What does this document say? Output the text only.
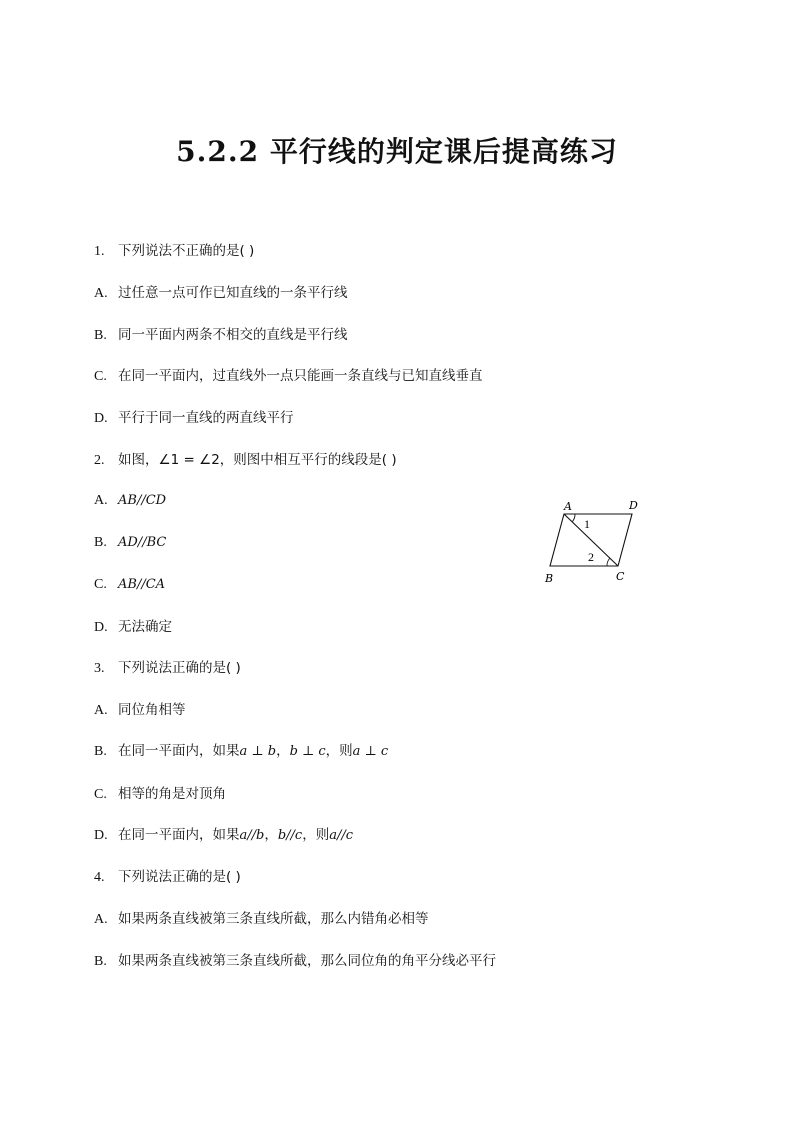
5.2.2 平行线的判定课后提高练习
1. 下列说法不正确的是( )
A. 过任意一点可作已知直线的一条平行线
B. 同一平面内两条不相交的直线是平行线
C. 在同一平面内，过直线外一点只能画一条直线与已知直线垂直
D. 平行于同一直线的两直线平行
2. 如图，∠1 = ∠2，则图中相互平行的线段是( )
A. AB//CD
B. AD//BC
C. AB//CA
D. 无法确定
A	D
B	C
1
2
3. 下列说法正确的是( )
A. 同位角相等
B. 在同一平面内，如果a ⊥ b，b ⊥ c，则a ⊥ c
C. 相等的角是对顶角
D. 在同一平面内，如果a//b，b//c，则a//c
4. 下列说法正确的是( )
A. 如果两条直线被第三条直线所截，那么内错角必相等
B. 如果两条直线被第三条直线所截，那么同位角的角平分线必平行
